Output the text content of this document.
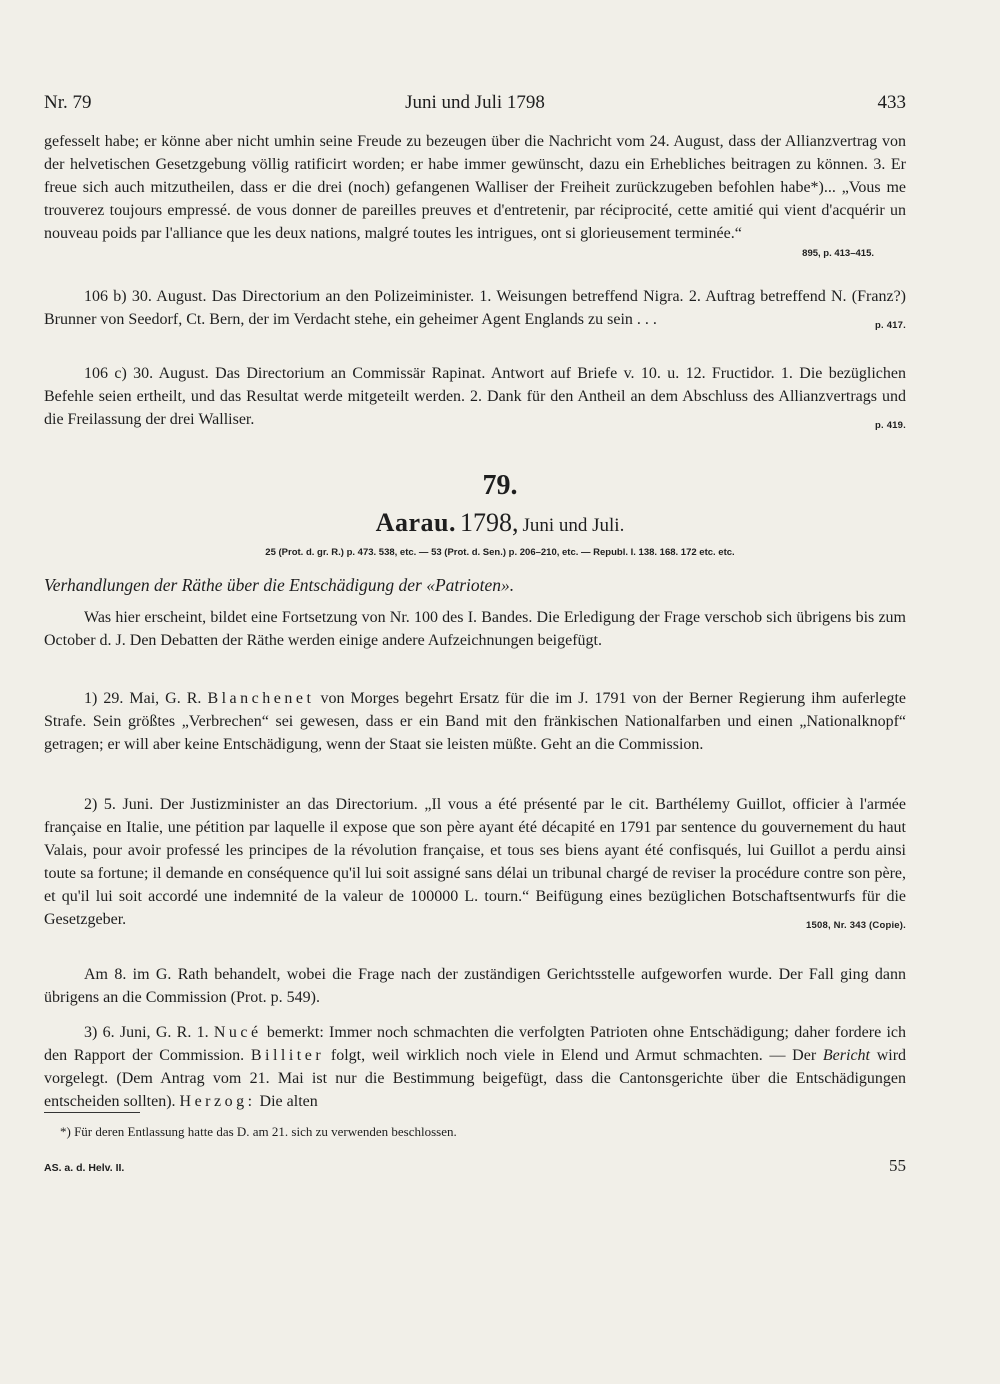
Nr. 79	Juni und Juli 1798	433

gefesselt habe; er könne aber nicht umhin seine Freude zu bezeugen über die Nachricht vom 24. August, dass der Allianzvertrag von der helvetischen Gesetzgebung völlig ratificirt worden; er habe immer gewünscht, dazu ein Erhebliches beitragen zu können. 3. Er freue sich auch mitzutheilen, dass er die drei (noch) gefangenen Walliser der Freiheit zurückzugeben befohlen habe*)... „Vous me trouverez toujours empressé. de vous donner de pareilles preuves et d'entretenir, par réciprocité, cette amitié qui vient d'acquérir un nouveau poids par l'alliance que les deux nations, malgré toutes les intrigues, ont si glorieusement terminée.“

895, p. 413–415.

106 b) 30. August. Das Directorium an den Polizeiminister. 1. Weisungen betreffend Nigra. 2. Auftrag betreffend N. (Franz?) Brunner von Seedorf, Ct. Bern, der im Verdacht stehe, ein geheimer Agent Englands zu sein . . .	p. 417.

106 c) 30. August. Das Directorium an Commissär Rapinat. Antwort auf Briefe v. 10. u. 12. Fructidor. 1. Die bezüglichen Befehle seien ertheilt, und das Resultat werde mitgeteilt werden. 2. Dank für den Antheil an dem Abschluss des Allianzvertrags und die Freilassung der drei Walliser.	p. 419.

79.
Aarau. 1798, Juni und Juli.
25 (Prot. d. gr. R.) p. 473. 538, etc. — 53 (Prot. d. Sen.) p. 206–210, etc. — Republ. I. 138. 168. 172 etc. etc.
Verhandlungen der Räthe über die Entschädigung der «Patrioten».

Was hier erscheint, bildet eine Fortsetzung von Nr. 100 des I. Bandes. Die Erledigung der Frage verschob sich übrigens bis zum October d. J. Den Debatten der Räthe werden einige andere Aufzeichnungen beigefügt.

1) 29. Mai, G. R. Blanchenet von Morges begehrt Ersatz für die im J. 1791 von der Berner Regierung ihm auferlegte Strafe. Sein größtes „Verbrechen“ sei gewesen, dass er ein Band mit den fränkischen Nationalfarben und einen „Nationalknopf“ getragen; er will aber keine Entschädigung, wenn der Staat sie leisten müßte. Geht an die Commission.

2) 5. Juni. Der Justizminister an das Directorium. „Il vous a été présenté par le cit. Barthélemy Guillot, officier à l'armée française en Italie, une pétition par laquelle il expose que son père ayant été décapité en 1791 par sentence du gouvernement du haut Valais, pour avoir professé les principes de la révolution française, et tous ses biens ayant été confisqués, lui Guillot a perdu ainsi toute sa fortune; il demande en conséquence qu'il lui soit assigné sans délai un tribunal chargé de reviser la procédure contre son père, et qu'il lui soit accordé une indemnité de la valeur de 100000 L. tourn.“ Beifügung eines bezüglichen Botschaftsentwurfs für die Gesetzgeber.	1508, Nr. 343 (Copie).

Am 8. im G. Rath behandelt, wobei die Frage nach der zuständigen Gerichtsstelle aufgeworfen wurde. Der Fall ging dann übrigens an die Commission (Prot. p. 549).

3) 6. Juni, G. R. 1. Nucé bemerkt: Immer noch schmachten die verfolgten Patrioten ohne Entschädigung; daher fordere ich den Rapport der Commission. Billiter folgt, weil wirklich noch viele in Elend und Armut schmachten. — Der Bericht wird vorgelegt. (Dem Antrag vom 21. Mai ist nur die Bestimmung beigefügt, dass die Cantonsgerichte über die Entschädigungen entscheiden sollten). Herzog: Die alten

*) Für deren Entlassung hatte das D. am 21. sich zu verwenden beschlossen.
AS. a. d. Helv. II.	55
